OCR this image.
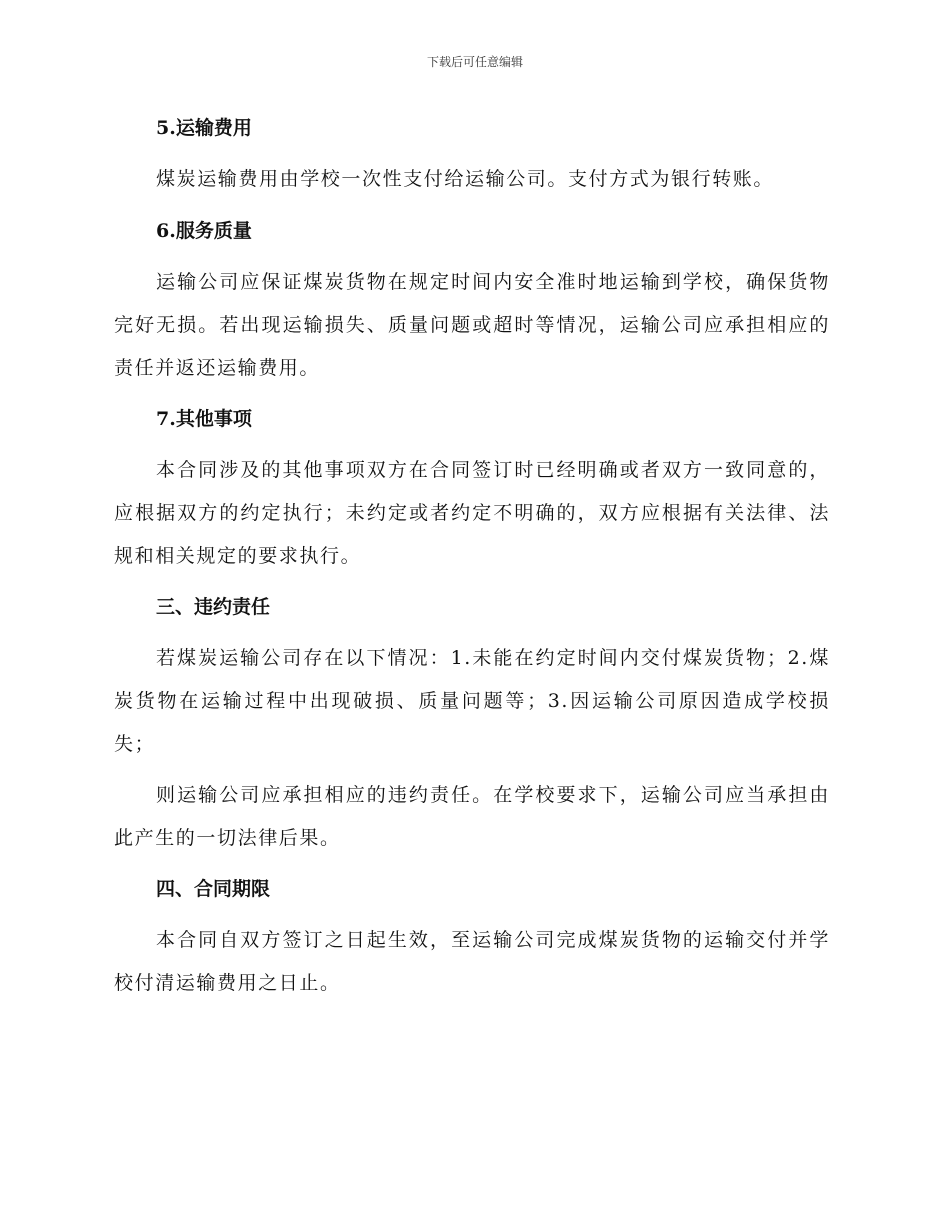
下载后可任意编辑
5.运输费用

煤炭运输费用由学校一次性支付给运输公司。支付方式为银行转账。

6.服务质量

运输公司应保证煤炭货物在规定时间内安全准时地运输到学校，确保货物完好无损。若出现运输损失、质量问题或超时等情况，运输公司应承担相应的责任并返还运输费用。

7.其他事项

本合同涉及的其他事项双方在合同签订时已经明确或者双方一致同意的，应根据双方的约定执行；未约定或者约定不明确的，双方应根据有关法律、法规和相关规定的要求执行。

三、违约责任

若煤炭运输公司存在以下情况：1.未能在约定时间内交付煤炭货物；2.煤炭货物在运输过程中出现破损、质量问题等；3.因运输公司原因造成学校损失；

则运输公司应承担相应的违约责任。在学校要求下，运输公司应当承担由此产生的一切法律后果。

四、合同期限

本合同自双方签订之日起生效，至运输公司完成煤炭货物的运输交付并学校付清运输费用之日止。
